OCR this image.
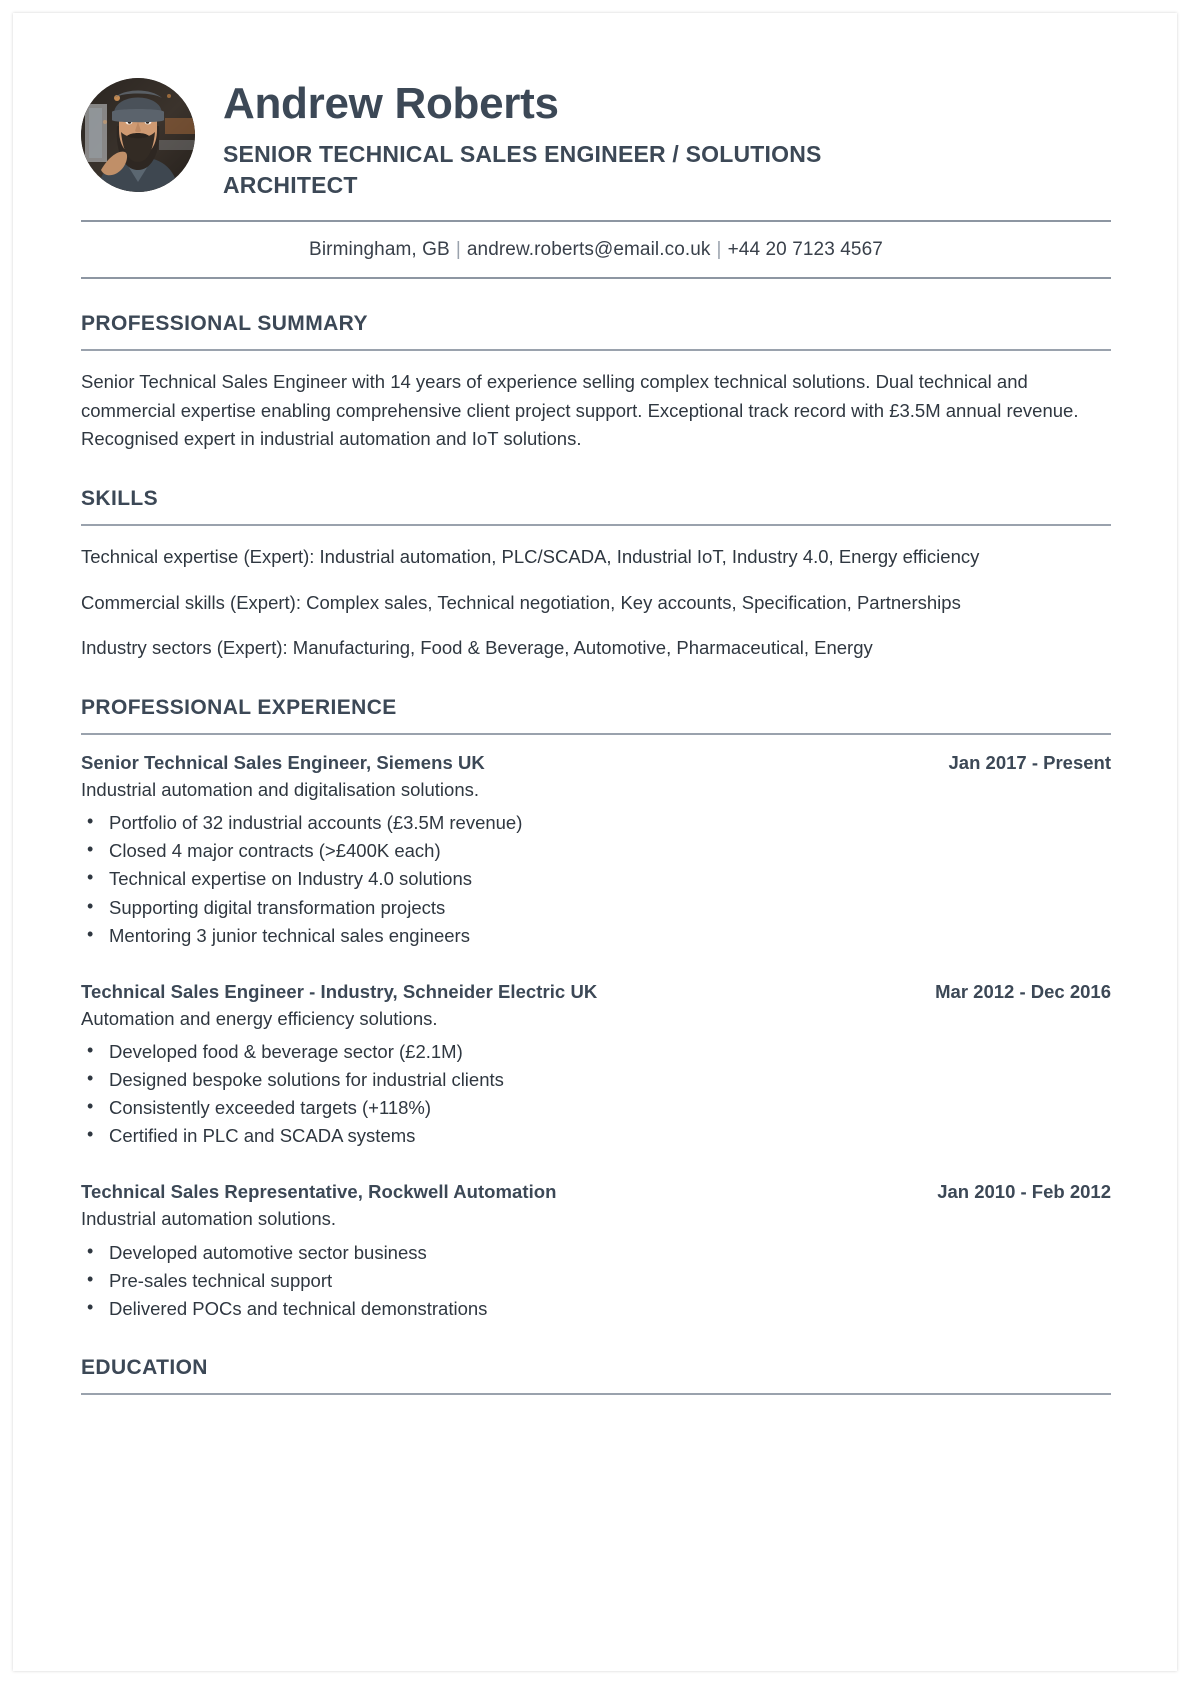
Andrew Roberts
SENIOR TECHNICAL SALES ENGINEER / SOLUTIONS ARCHITECT
Birmingham, GB | andrew.roberts@email.co.uk | +44 20 7123 4567
PROFESSIONAL SUMMARY

Senior Technical Sales Engineer with 14 years of experience selling complex technical solutions. Dual technical and commercial expertise enabling comprehensive client project support. Exceptional track record with £3.5M annual revenue. Recognised expert in industrial automation and IoT solutions.

SKILLS

Technical expertise (Expert): Industrial automation, PLC/SCADA, Industrial IoT, Industry 4.0, Energy efficiency

Commercial skills (Expert): Complex sales, Technical negotiation, Key accounts, Specification, Partnerships

Industry sectors (Expert): Manufacturing, Food & Beverage, Automotive, Pharmaceutical, Energy

PROFESSIONAL EXPERIENCE
Senior Technical Sales Engineer, Siemens UK	Jan 2017 - Present
Industrial automation and digitalisation solutions.
• Portfolio of 32 industrial accounts (£3.5M revenue)
• Closed 4 major contracts (>£400K each)
• Technical expertise on Industry 4.0 solutions
• Supporting digital transformation projects
• Mentoring 3 junior technical sales engineers
Technical Sales Engineer - Industry, Schneider Electric UK	Mar 2012 - Dec 2016
Automation and energy efficiency solutions.
• Developed food & beverage sector (£2.1M)
• Designed bespoke solutions for industrial clients
• Consistently exceeded targets (+118%)
• Certified in PLC and SCADA systems
Technical Sales Representative, Rockwell Automation	Jan 2010 - Feb 2012
Industrial automation solutions.
• Developed automotive sector business
• Pre-sales technical support
• Delivered POCs and technical demonstrations
EDUCATION
